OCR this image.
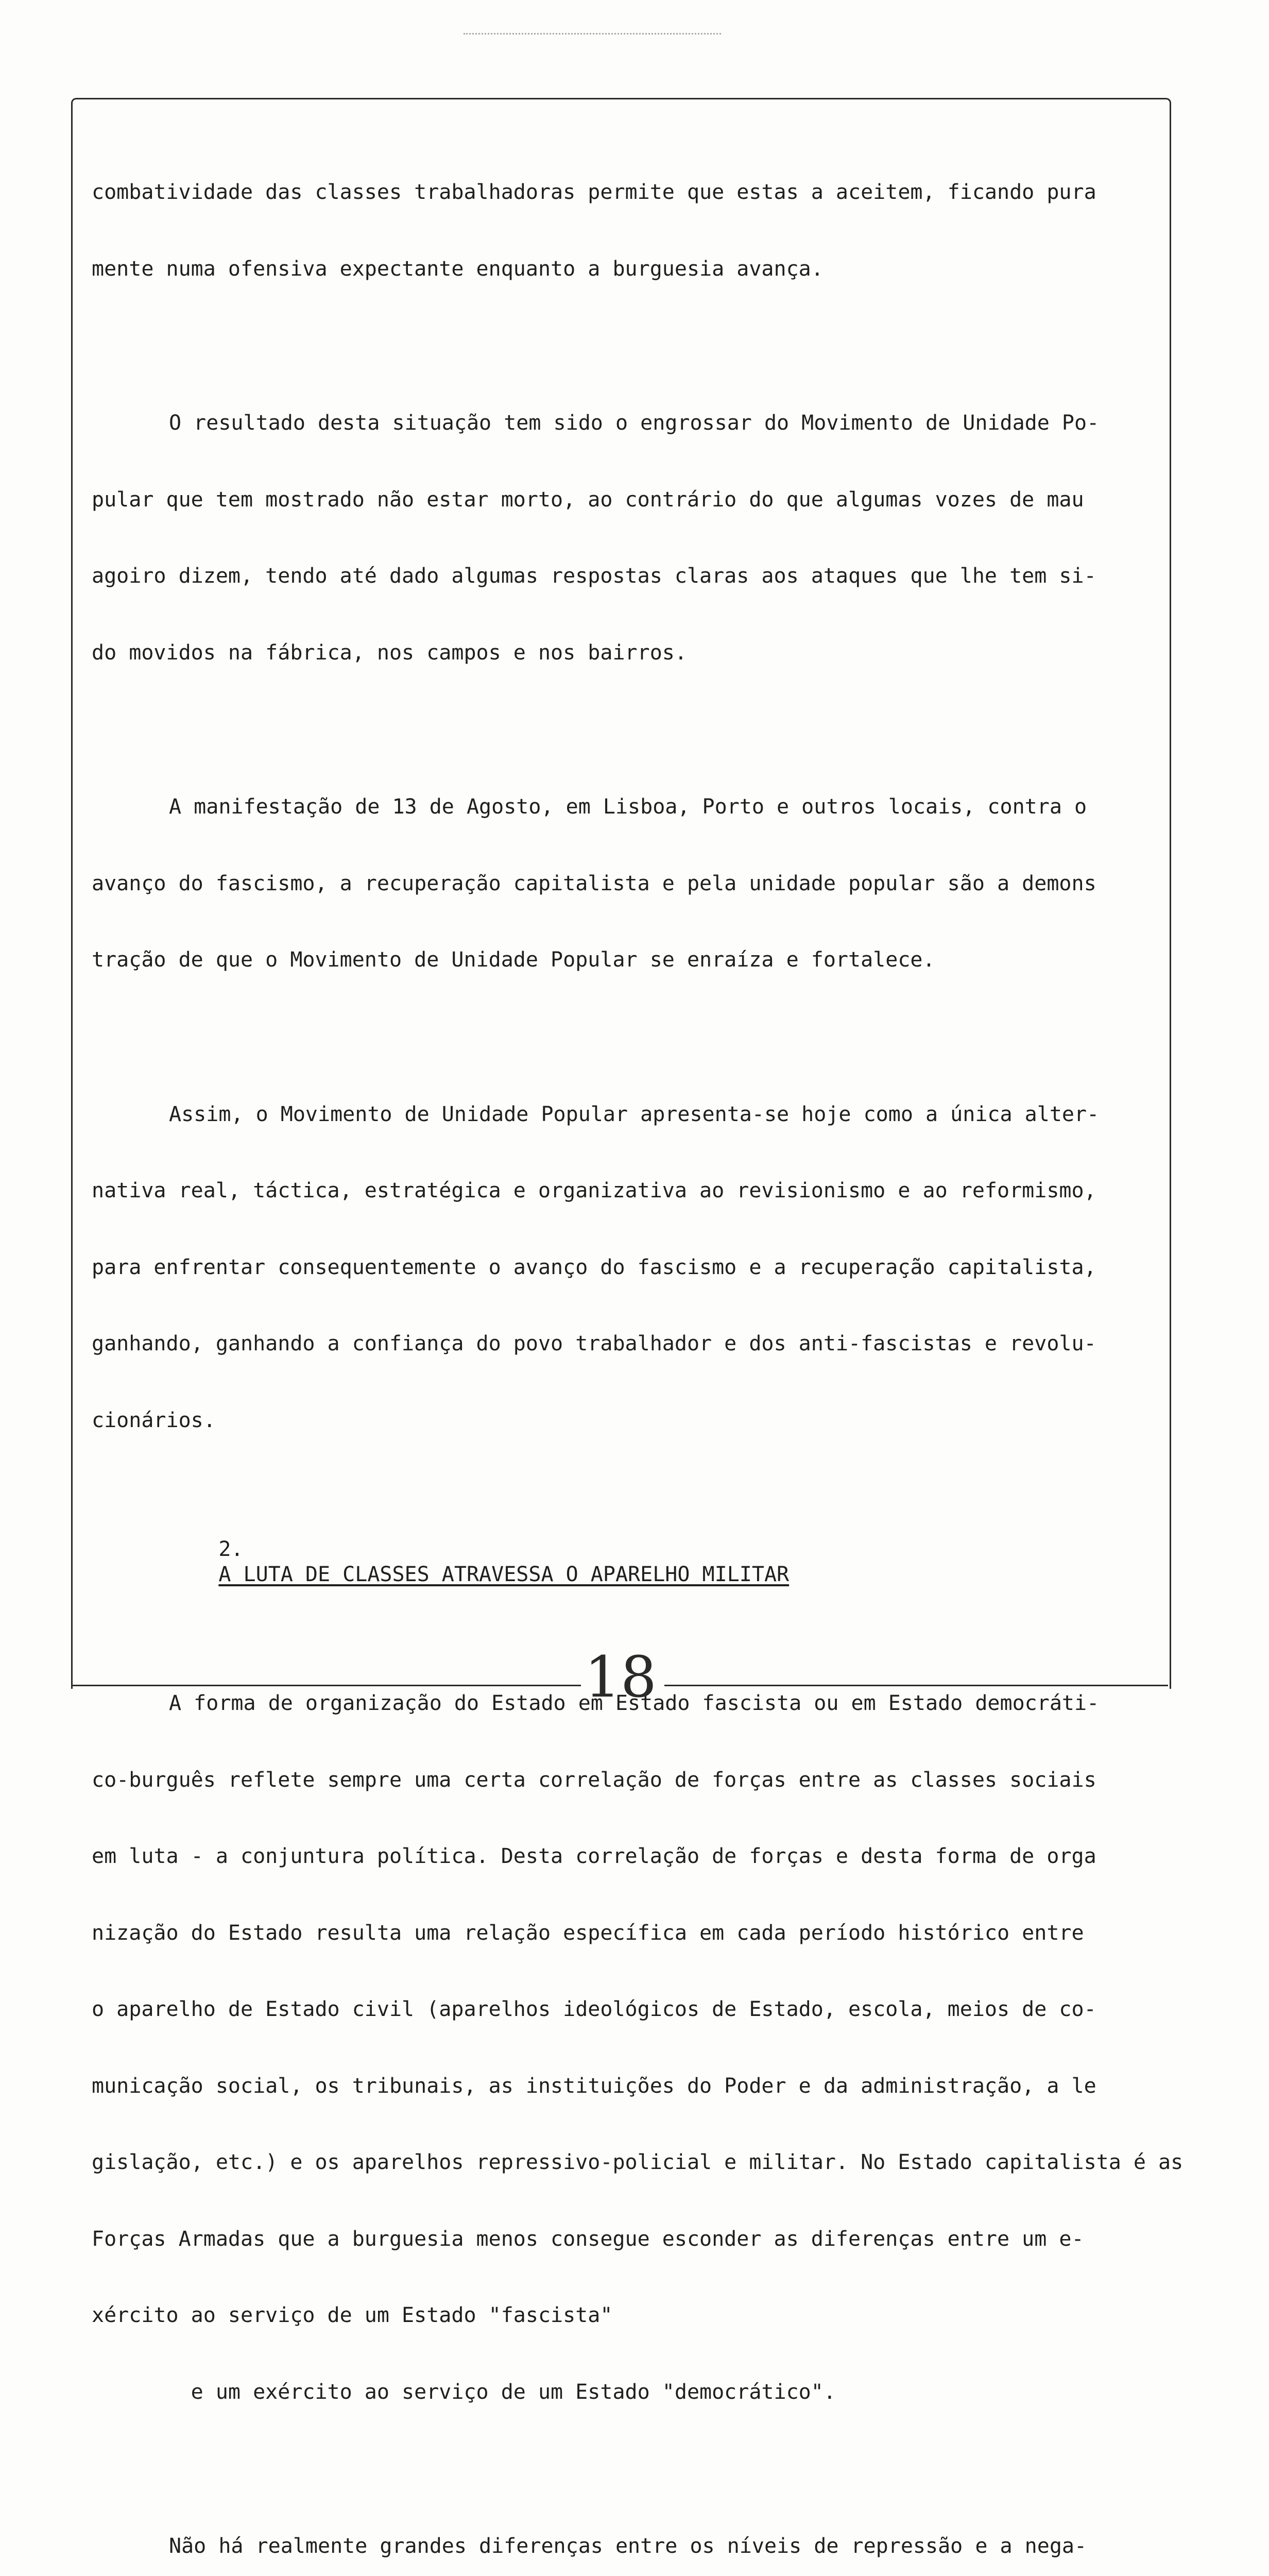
combatividade das classes trabalhadoras permite que estas a aceitem, ficando pura

mente numa ofensiva expectante enquanto a burguesia avança.

O resultado desta situação tem sido o engrossar do Movimento de Unidade Po-

pular que tem mostrado não estar morto, ao contrário do que algumas vozes de mau

agoiro dizem, tendo até dado algumas respostas claras aos ataques que lhe tem si-

do movidos na fábrica, nos campos e nos bairros.

A manifestação de 13 de Agosto, em Lisboa, Porto e outros locais, contra o

avanço do fascismo, a recuperação capitalista e pela unidade popular são a demons

tração de que o Movimento de Unidade Popular se enraíza e fortalece.

Assim, o Movimento de Unidade Popular apresenta-se hoje como a única alter-

nativa real, táctica, estratégica e organizativa ao revisionismo e ao reformismo,

para enfrentar consequentemente o avanço do fascismo e a recuperação capitalista,

ganhando, ganhando a confiança do povo trabalhador e dos anti-fascistas e revolu-

cionários.

2.
A LUTA DE CLASSES ATRAVESSA O APARELHO MILITAR

A forma de organização do Estado em Estado fascista ou em Estado democráti-

co-burguês reflete sempre uma certa correlação de forças entre as classes sociais

em luta - a conjuntura política. Desta correlação de forças e desta forma de orga

nização do Estado resulta uma relação específica em cada período histórico entre

o aparelho de Estado civil (aparelhos ideológicos de Estado, escola, meios de co-

municação social, os tribunais, as instituições do Poder e da administração, a le

gislação, etc.) e os aparelhos repressivo-policial e militar. No Estado capitalista é as

Forças Armadas que a burguesia menos consegue esconder as diferenças entre um e-

xército ao serviço de um Estado "fascista"

e um exército ao serviço de um Estado "democrático".

Não há realmente grandes diferenças entre os níveis de repressão e a nega-

18
